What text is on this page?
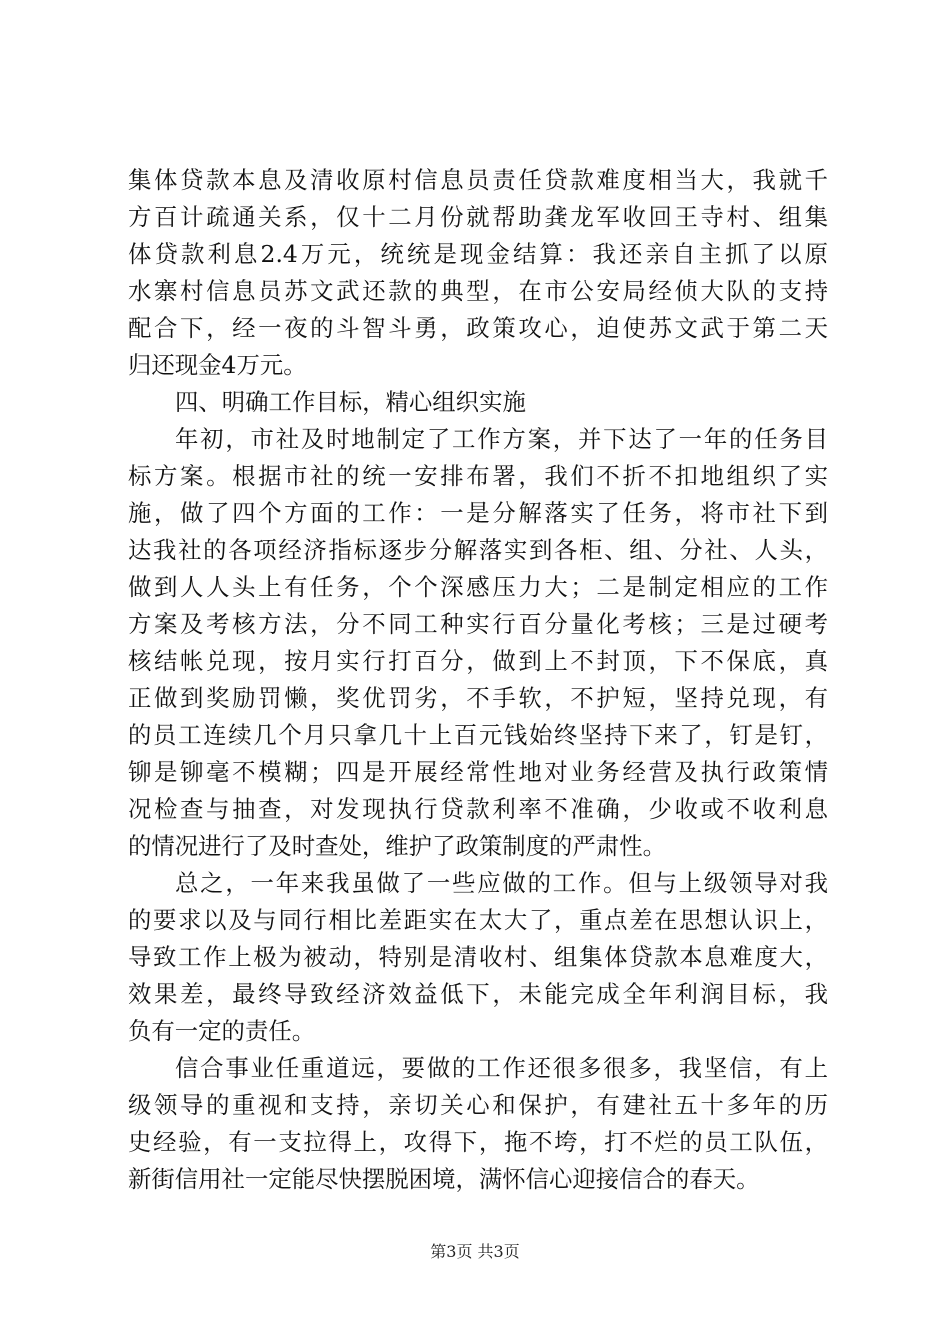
集体贷款本息及清收原村信息员责任贷款难度相当大，我就千
方百计疏通关系，仅十二月份就帮助龚龙军收回王寺村、组集
体贷款利息2.4万元，统统是现金结算：我还亲自主抓了以原
水寨村信息员苏文武还款的典型，在市公安局经侦大队的支持
配合下，经一夜的斗智斗勇，政策攻心，迫使苏文武于第二天
归还现金4万元。
四、明确工作目标，精心组织实施
年初，市社及时地制定了工作方案，并下达了一年的任务目
标方案。根据市社的统一安排布署，我们不折不扣地组织了实
施，做了四个方面的工作：一是分解落实了任务，将市社下到
达我社的各项经济指标逐步分解落实到各柜、组、分社、人头，
做到人人头上有任务，个个深感压力大；二是制定相应的工作
方案及考核方法，分不同工种实行百分量化考核；三是过硬考
核结帐兑现，按月实行打百分，做到上不封顶，下不保底，真
正做到奖励罚懒，奖优罚劣，不手软，不护短，坚持兑现，有
的员工连续几个月只拿几十上百元钱始终坚持下来了，钉是钉，
铆是铆毫不模糊；四是开展经常性地对业务经营及执行政策情
况检查与抽查，对发现执行贷款利率不准确，少收或不收利息
的情况进行了及时查处，维护了政策制度的严肃性。
总之，一年来我虽做了一些应做的工作。但与上级领导对我
的要求以及与同行相比差距实在太大了，重点差在思想认识上，
导致工作上极为被动，特别是清收村、组集体贷款本息难度大，
效果差，最终导致经济效益低下，未能完成全年利润目标，我
负有一定的责任。
信合事业任重道远，要做的工作还很多很多，我坚信，有上
级领导的重视和支持，亲切关心和保护，有建社五十多年的历
史经验，有一支拉得上，攻得下，拖不垮，打不烂的员工队伍，
新街信用社一定能尽快摆脱困境，满怀信心迎接信合的春天。
第3页 共3页
